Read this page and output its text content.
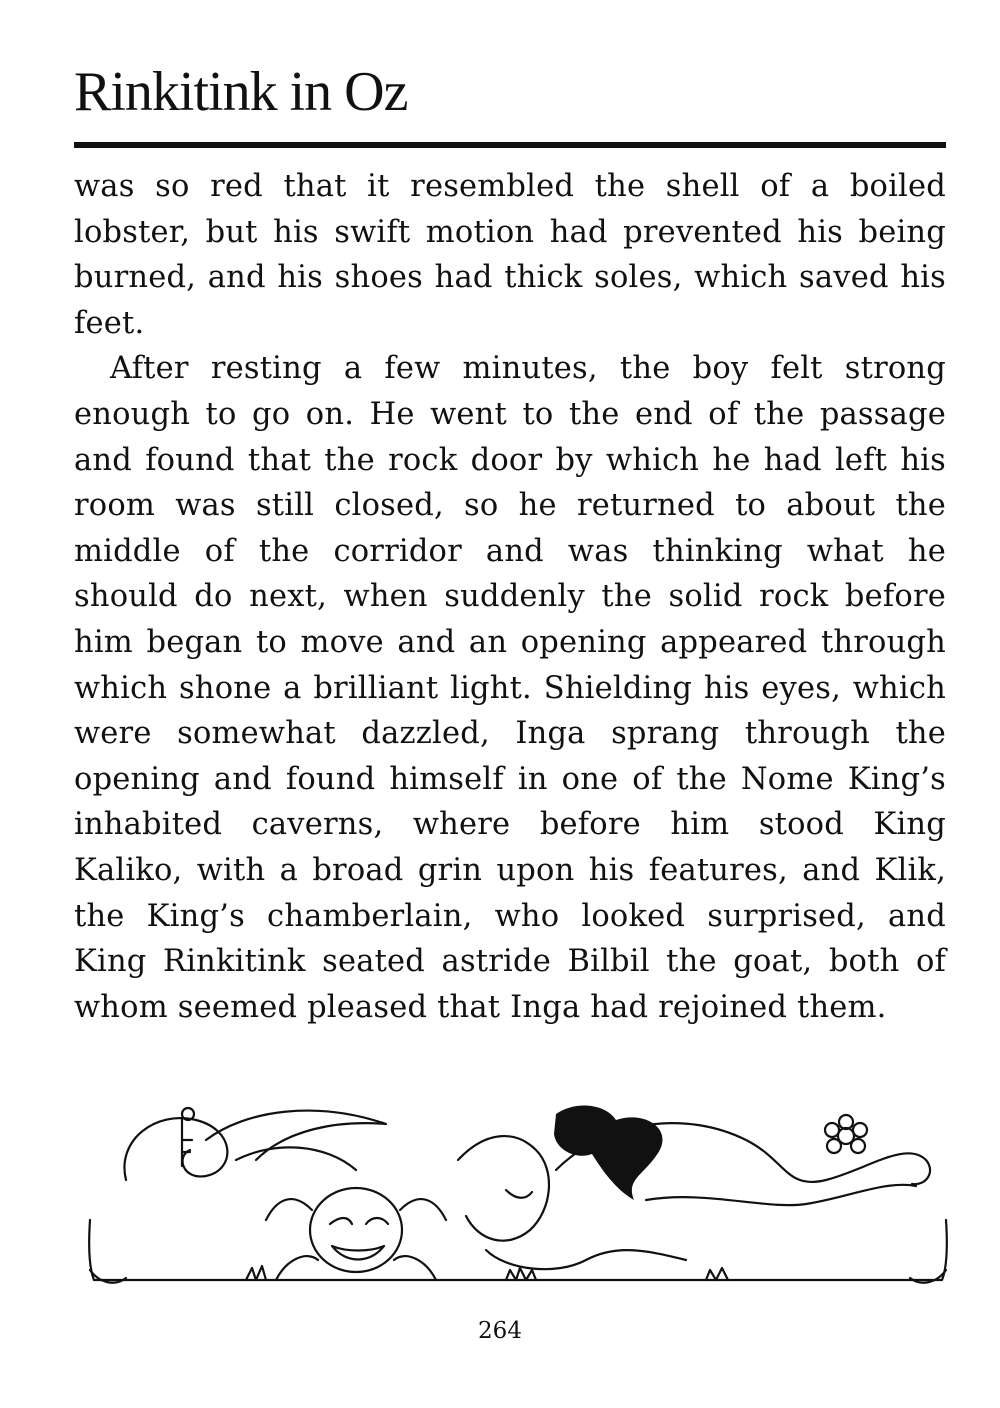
Rinkitink in Oz

was so red that it resembled the shell of a boiled lobster, but his swift motion had prevented his being burned, and his shoes had thick soles, which saved his feet.

After resting a few minutes, the boy felt strong enough to go on. He went to the end of the passage and found that the rock door by which he had left his room was still closed, so he returned to about the middle of the corridor and was thinking what he should do next, when suddenly the solid rock before him began to move and an opening appeared through which shone a brilliant light. Shielding his eyes, which were somewhat dazzled, Inga sprang through the opening and found himself in one of the Nome King’s inhabited caverns, where before him stood King Kaliko, with a broad grin upon his features, and Klik, the King’s chamberlain, who looked surprised, and King Rinkitink seated astride Bilbil the goat, both of whom seemed pleased that Inga had rejoined them.

264
